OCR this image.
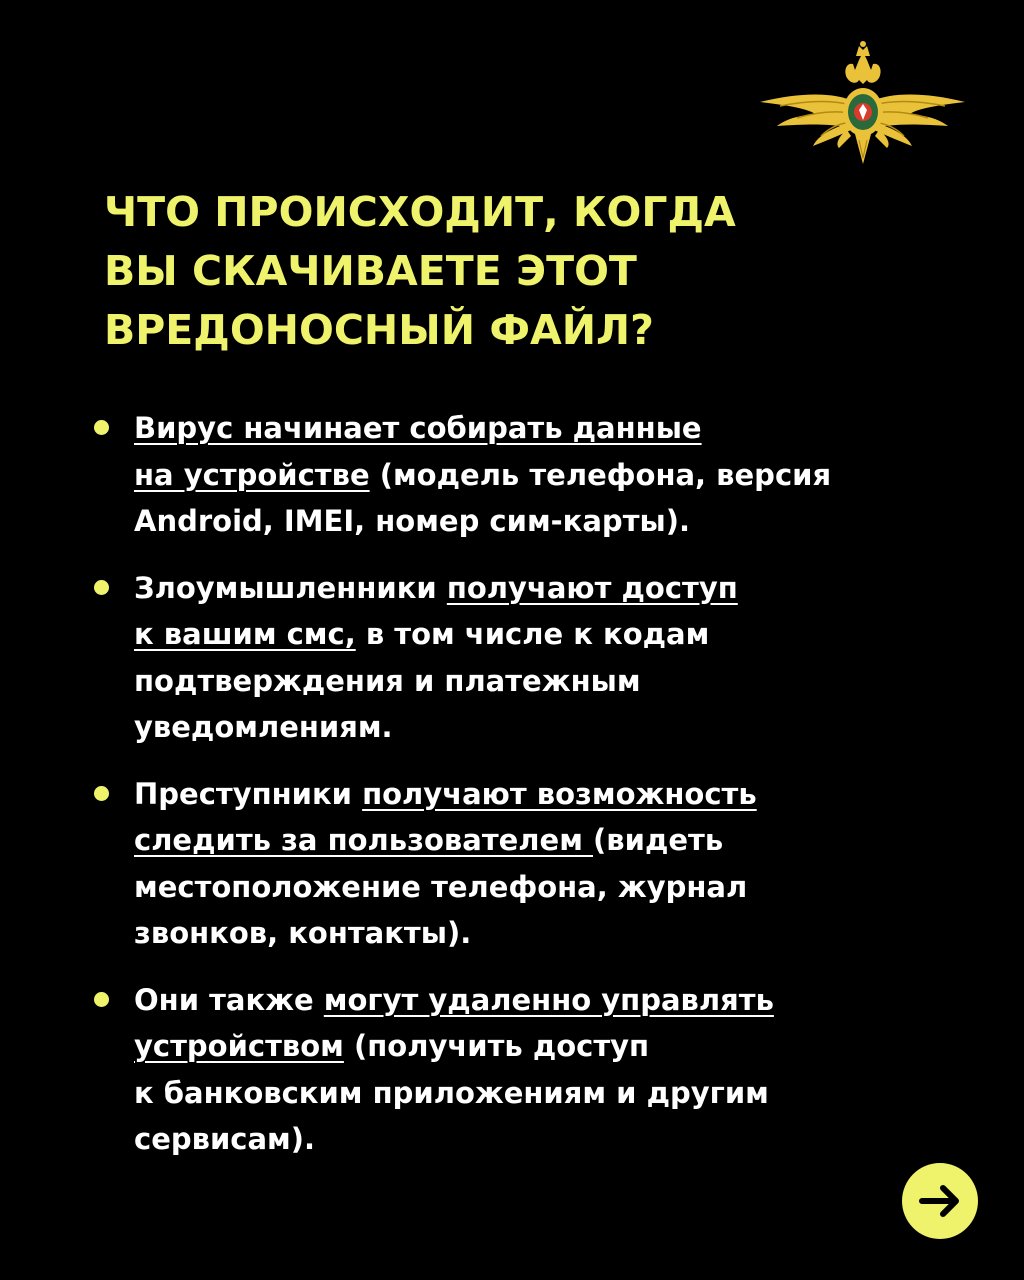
ЧТО ПРОИСХОДИТ, КОГДА
ВЫ СКАЧИВАЕТЕ ЭТОТ
ВРЕДОНОСНЫЙ ФАЙЛ?
Вирус начинает собирать данные
на устройстве (модель телефона, версия
Android, IMEI, номер сим-карты).
Злоумышленники получают доступ
к вашим смс, в том числе к кодам
подтверждения и платежным
уведомлениям.
Преступники получают возможность
следить за пользователем (видеть
местоположение телефона, журнал
звонков, контакты).
Они также могут удаленно управлять
устройством (получить доступ
к банковским приложениям и другим
сервисам).
